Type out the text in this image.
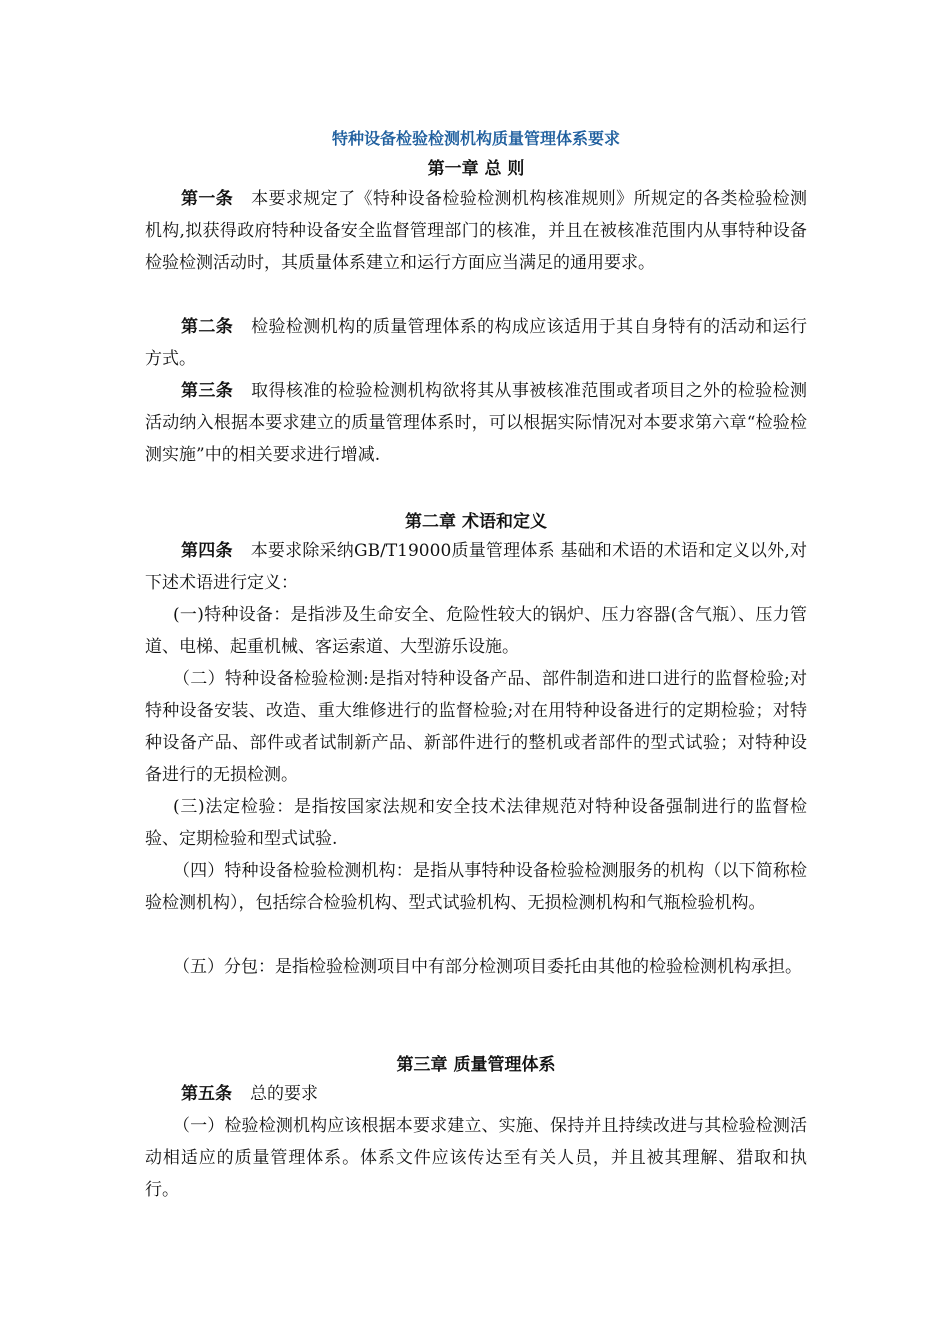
特种设备检验检测机构质量管理体系要求
第一章 总 则

第一条 本要求规定了《特种设备检验检测机构核准规则》所规定的各类检验检测机构,拟获得政府特种设备安全监督管理部门的核准，并且在被核准范围内从事特种设备检验检测活动时，其质量体系建立和运行方面应当满足的通用要求。

第二条 检验检测机构的质量管理体系的构成应该适用于其自身特有的活动和运行方式。

第三条 取得核准的检验检测机构欲将其从事被核准范围或者项目之外的检验检测活动纳入根据本要求建立的质量管理体系时，可以根据实际情况对本要求第六章“检验检测实施”中的相关要求进行增减.

第二章 术语和定义

第四条 本要求除采纳GB/T19000质量管理体系 基础和术语的术语和定义以外,对下述术语进行定义：

(一)特种设备：是指涉及生命安全、危险性较大的锅炉、压力容器(含气瓶）、压力管道、电梯、起重机械、客运索道、大型游乐设施。

（二）特种设备检验检测:是指对特种设备产品、部件制造和进口进行的监督检验;对特种设备安装、改造、重大维修进行的监督检验;对在用特种设备进行的定期检验；对特种设备产品、部件或者试制新产品、新部件进行的整机或者部件的型式试验；对特种设备进行的无损检测。

(三)法定检验：是指按国家法规和安全技术法律规范对特种设备强制进行的监督检验、定期检验和型式试验.

（四）特种设备检验检测机构：是指从事特种设备检验检测服务的机构（以下简称检验检测机构），包括综合检验机构、型式试验机构、无损检测机构和气瓶检验机构。

（五）分包：是指检验检测项目中有部分检测项目委托由其他的检验检测机构承担。

第三章 质量管理体系

第五条 总的要求

（一）检验检测机构应该根据本要求建立、实施、保持并且持续改进与其检验检测活动相适应的质量管理体系。体系文件应该传达至有关人员，并且被其理解、猎取和执行。
